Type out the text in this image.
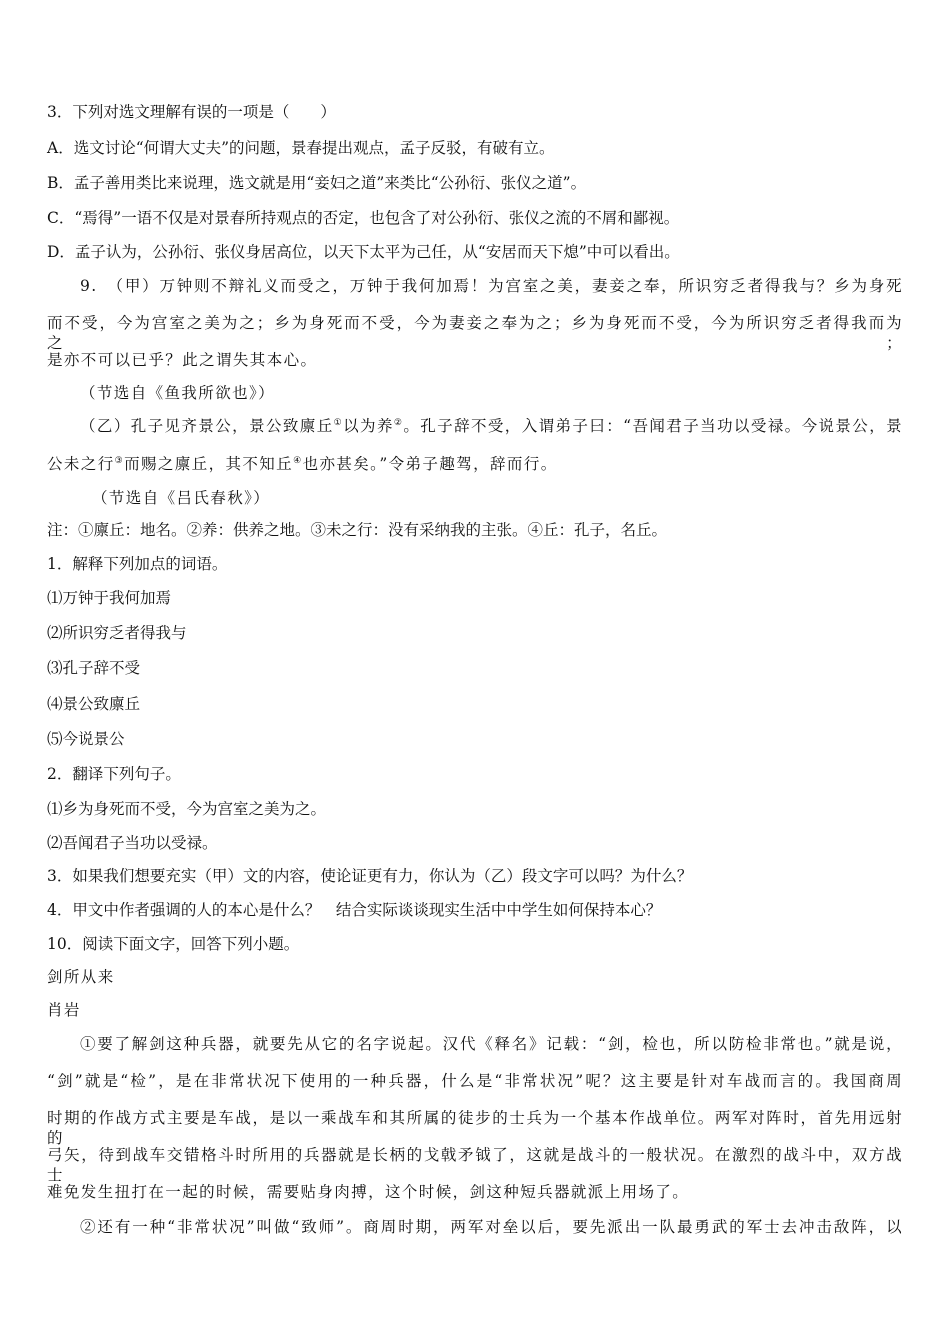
3．下列对选文理解有误的一项是（　　）
A．选文讨论“何谓大丈夫”的问题，景春提出观点，孟子反驳，有破有立。
B．孟子善用类比来说理，选文就是用“妾妇之道”来类比“公孙衍、张仪之道”。
C．“焉得”一语不仅是对景春所持观点的否定，也包含了对公孙衍、张仪之流的不屑和鄙视。
D．孟子认为，公孙衍、张仪身居高位，以天下太平为己任，从“安居而天下熄”中可以看出。
9.　（甲）万钟则不辩礼义而受之，万钟于我何加焉！为宫室之美，妻妾之奉，所识穷乏者得我与？乡为身死
而不受，今为宫室之美为之；乡为身死而不受，今为妻妾之奉为之；乡为身死而不受，今为所识穷乏者得我而为之；
是亦不可以已乎？此之谓失其本心。
（节选自《鱼我所欲也》）
（乙）孔子见齐景公，景公致廪丘①以为养②。孔子辞不受，入谓弟子曰：“吾闻君子当功以受禄。今说景公，景
公未之行③而赐之廪丘，其不知丘④也亦甚矣。”令弟子趣驾，辞而行。
（节选自《吕氏春秋》）
注：①廪丘：地名。②养：供养之地。③未之行：没有采纳我的主张。④丘：孔子，名丘。
1．解释下列加点的词语。
⑴万钟于我何加焉
⑵所识穷乏者得我与
⑶孔子辞不受
⑷景公致廪丘
⑸今说景公
2．翻译下列句子。
⑴乡为身死而不受，今为宫室之美为之。
⑵吾闻君子当功以受禄。
3．如果我们想要充实（甲）文的内容，使论证更有力，你认为（乙）段文字可以吗？为什么？
4．甲文中作者强调的人的本心是什么？　结合实际谈谈现实生活中中学生如何保持本心？
10．阅读下面文字，回答下列小题。
剑所从来
肖岩
①要了解剑这种兵器，就要先从它的名字说起。汉代《释名》记载：“剑，检也，所以防检非常也。”就是说，
“剑”就是“检”，是在非常状况下使用的一种兵器，什么是“非常状况”呢？这主要是针对车战而言的。我国商周
时期的作战方式主要是车战，是以一乘战车和其所属的徒步的士兵为一个基本作战单位。两军对阵时，首先用远射的
弓矢，待到战车交错格斗时所用的兵器就是长柄的戈戟矛钺了，这就是战斗的一般状况。在激烈的战斗中，双方战士
难免发生扭打在一起的时候，需要贴身肉搏，这个时候，剑这种短兵器就派上用场了。
②还有一种“非常状况”叫做“致师”。商周时期，两军对垒以后，要先派出一队最勇武的军士去冲击敌阵，以
